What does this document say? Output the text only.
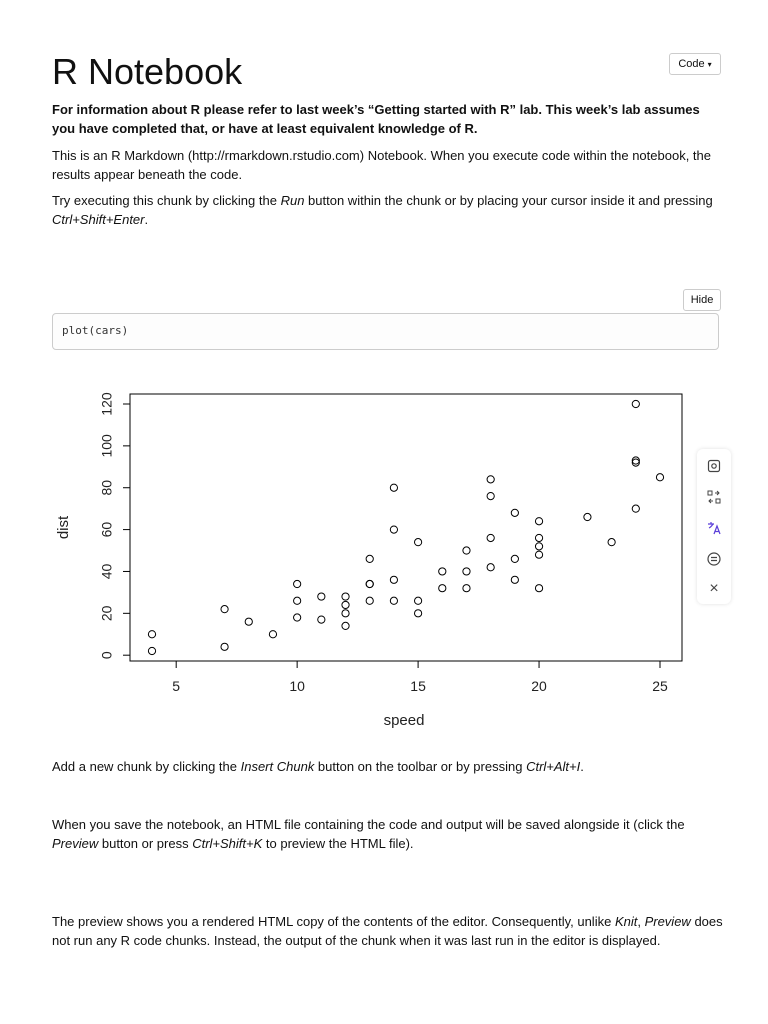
R Notebook	Code ▾

For information about R please refer to last week’s “Getting started with R” lab. This week’s lab assumes you have completed that, or have at least equivalent knowledge of R.

This is an R Markdown (http://rmarkdown.rstudio.com) Notebook. When you execute code within the notebook, the results appear beneath the code.

Try executing this chunk by clicking the Run button within the chunk or by placing your cursor inside it and pressing Ctrl+Shift+Enter.

Hide
plot(cars)
5	10	15	20	25
0
20
40
60
80
100
120
speed
dist
×

Add a new chunk by clicking the Insert Chunk button on the toolbar or by pressing Ctrl+Alt+I.

When you save the notebook, an HTML file containing the code and output will be saved alongside it (click the Preview button or press Ctrl+Shift+K to preview the HTML file).

The preview shows you a rendered HTML copy of the contents of the editor. Consequently, unlike Knit, Preview does not run any R code chunks. Instead, the output of the chunk when it was last run in the editor is displayed.
